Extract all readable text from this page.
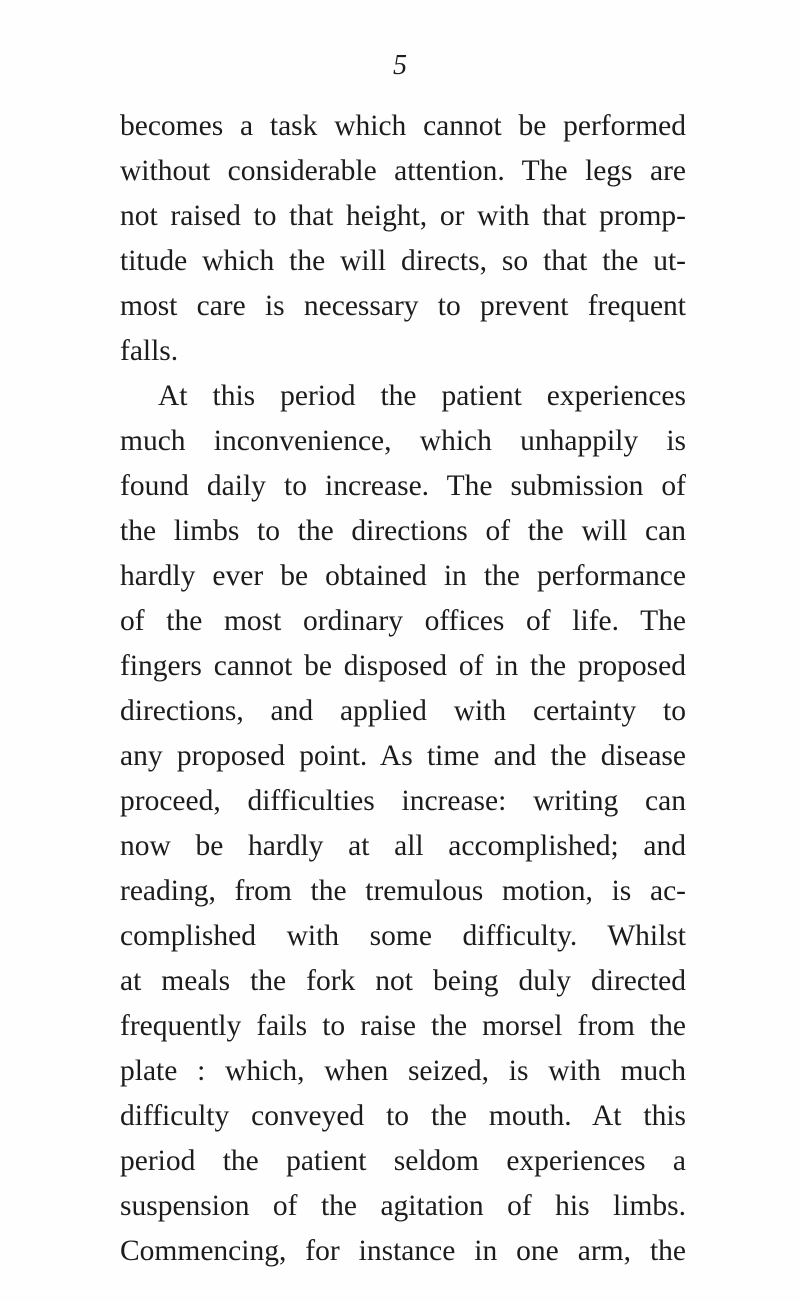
5
becomes a task which cannot be performed
without considerable attention. The legs are
not raised to that height, or with that promp-
titude which the will directs, so that the ut-
most care is necessary to prevent frequent
falls.
At this period the patient experiences
much inconvenience, which unhappily is
found daily to increase. The submission of
the limbs to the directions of the will can
hardly ever be obtained in the performance
of the most ordinary offices of life. The
fingers cannot be disposed of in the proposed
directions, and applied with certainty to
any proposed point. As time and the disease
proceed, difficulties increase: writing can
now be hardly at all accomplished; and
reading, from the tremulous motion, is ac-
complished with some difficulty. Whilst
at meals the fork not being duly directed
frequently fails to raise the morsel from the
plate : which, when seized, is with much
difficulty conveyed to the mouth. At this
period the patient seldom experiences a
suspension of the agitation of his limbs.
Commencing, for instance in one arm, the
